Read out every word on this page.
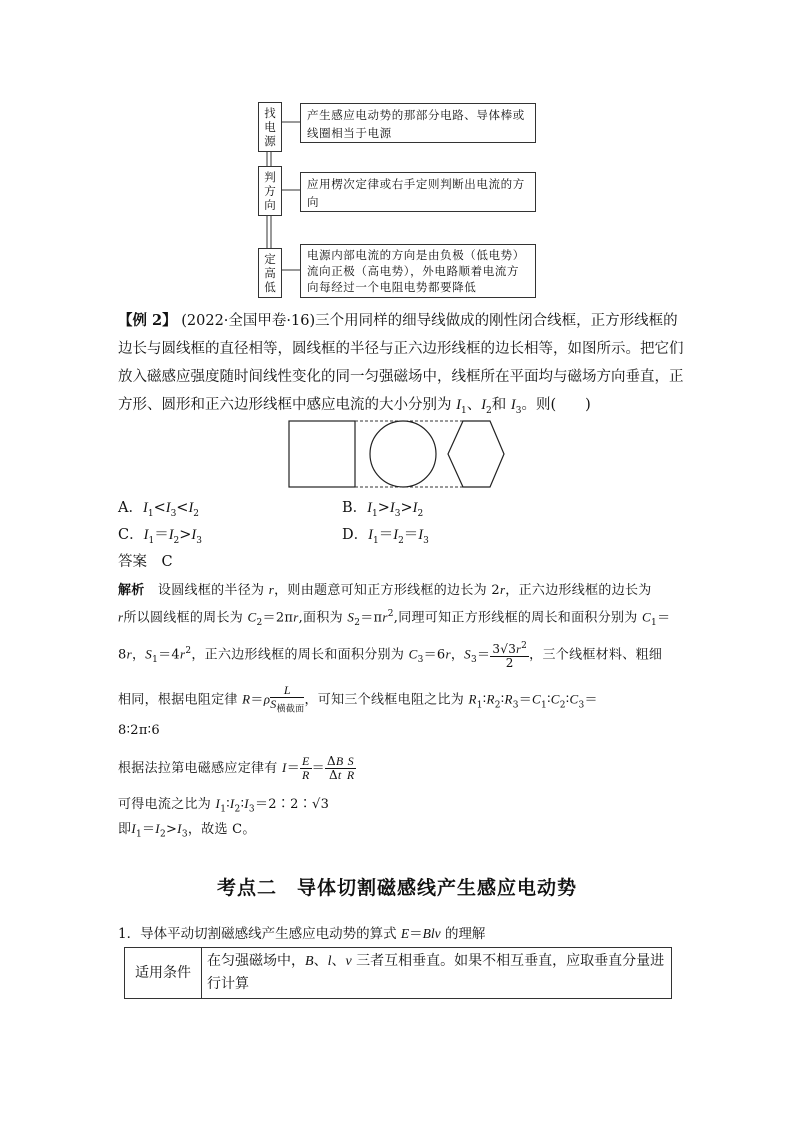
找
电
源
产生感应电动势的那部分电路、导体棒或线圈相当于电源
判
方
向
应用楞次定律或右手定则判断出电流的方向
定
高
低
电源内部电流的方向是由负极（低电势）流向正极（高电势），外电路顺着电流方向每经过一个电阻电势都要降低
【例 2】 (2022·全国甲卷·16)三个用同样的细导线做成的刚性闭合线框，正方形线框的边长与圆线框的直径相等，圆线框的半径与正六边形线框的边长相等，如图所示。把它们放入磁感应强度随时间线性变化的同一匀强磁场中，线框所在平面均与磁场方向垂直，正方形、圆形和正六边形线框中感应电流的大小分别为 $I_1$、$I_2$和 $I_3$。则(　　)
A．$I_1<I_3<I_2$	B．$I_1>I_3>I_2$
C．$I_1=I_2>I_3$	D．$I_1=I_2=I_3$
答案　C
解析　 设圆线框的半径为 r，则由题意可知正方形线框的边长为 2r，正六边形线框的边长为
r所以圆线框的周长为 $C_2=2\pi r$,面积为 $S_2=\pi r^2$,同理可知正方形线框的周长和面积分别为 $C_1=$
8r，$S_1=4r^2$，正六边形线框的周长和面积分别为 $C_3=6r$，$S_3= \frac{3√3r^2}{2}$ ，三个线框材料、粗细
相同，根据电阻定律 $R=\rho \frac{L}{S_{横截面}}$ ，可知三个线框电阻之比为 $R_1∶R_2∶R_3=C_1∶C_2∶C_3=$
8∶2π∶6
根据法拉第电磁感应定律有 $I= \frac{E}{R} = \frac{\Delta B}{\Delta t} \frac{S}{R}$
可得电流之比为 $I_1∶I_2∶I_3=2∶2∶√3$
即$I_1=I_2>I_3$，故选 C。
考点二　导体切割磁感线产生感应电动势
1．导体平动切割磁感线产生感应电动势的算式 E＝Blv 的理解
适用条件	在匀强磁场中，B、l、v 三者互相垂直。如果不相互垂直，应取垂直分量进行计算
